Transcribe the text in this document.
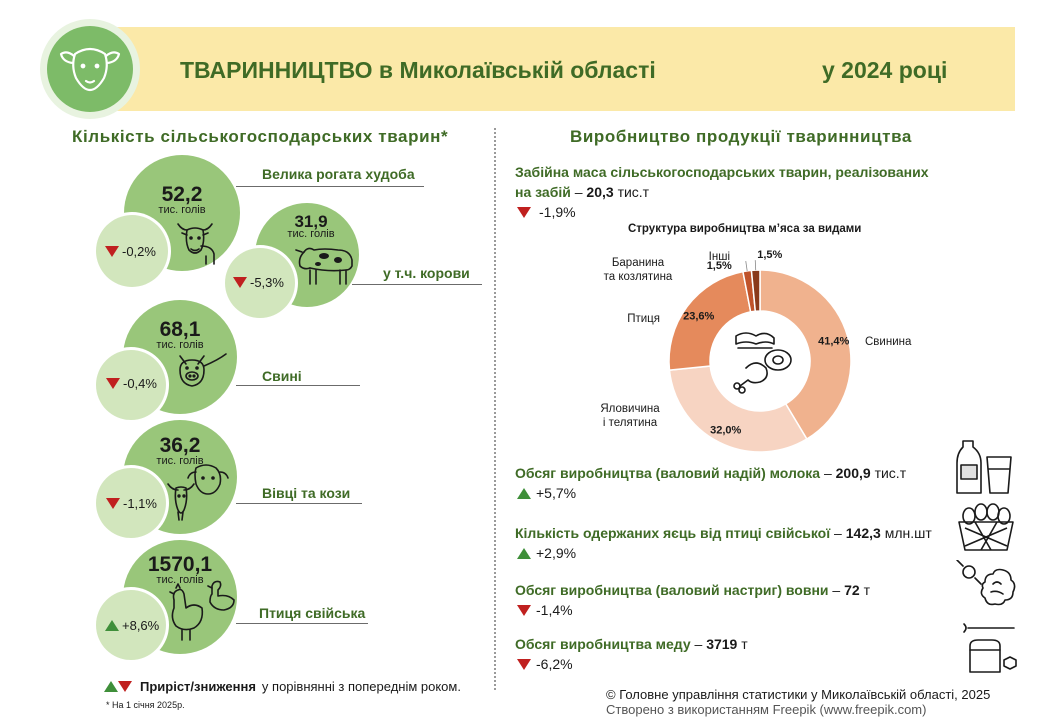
ТВАРИННИЦТВО в Миколаївській області	у 2024 році
Кількість сільськогосподарських тварин*	Виробництво продукції тваринництва
52,2
тис. голів
-0,2%
Велика рогата худоба
31,9
тис. голів
-5,3%
у т.ч. корови
68,1
тис. голів
-0,4%	Свині
36,2
тис. голів
-1,1%
Вівці та кози
1570,1
тис. голів
+8,6%
Птиця свійська
Приріст/зниження у порівнянні з попереднім роком.
* На 1 січня 2025р.
Забійна маса сільськогосподарських тварин, реалізованих
на забій – 20,3 тис.т
-1,9%
Структура виробництва м’яса за видами
41,4% Свинина
32,0%
Яловичина
і телятина
23,6%
Птиця
1,5%
Баранина
та козлятина
1,5%
Інші
Обсяг виробництва (валовий надій) молока – 200,9 тис.т
+5,7%
Кількість одержаних яєць від птиці свійської – 142,3 млн.шт
+2,9%
Обсяг виробництва (валовий настриг) вовни – 72 т
-1,4%
Обсяг виробництва меду – 3719 т
-6,2%
© Головне управління статистики у Миколаївській області, 2025
Створено з використанням Freepik (www.freepik.com)
